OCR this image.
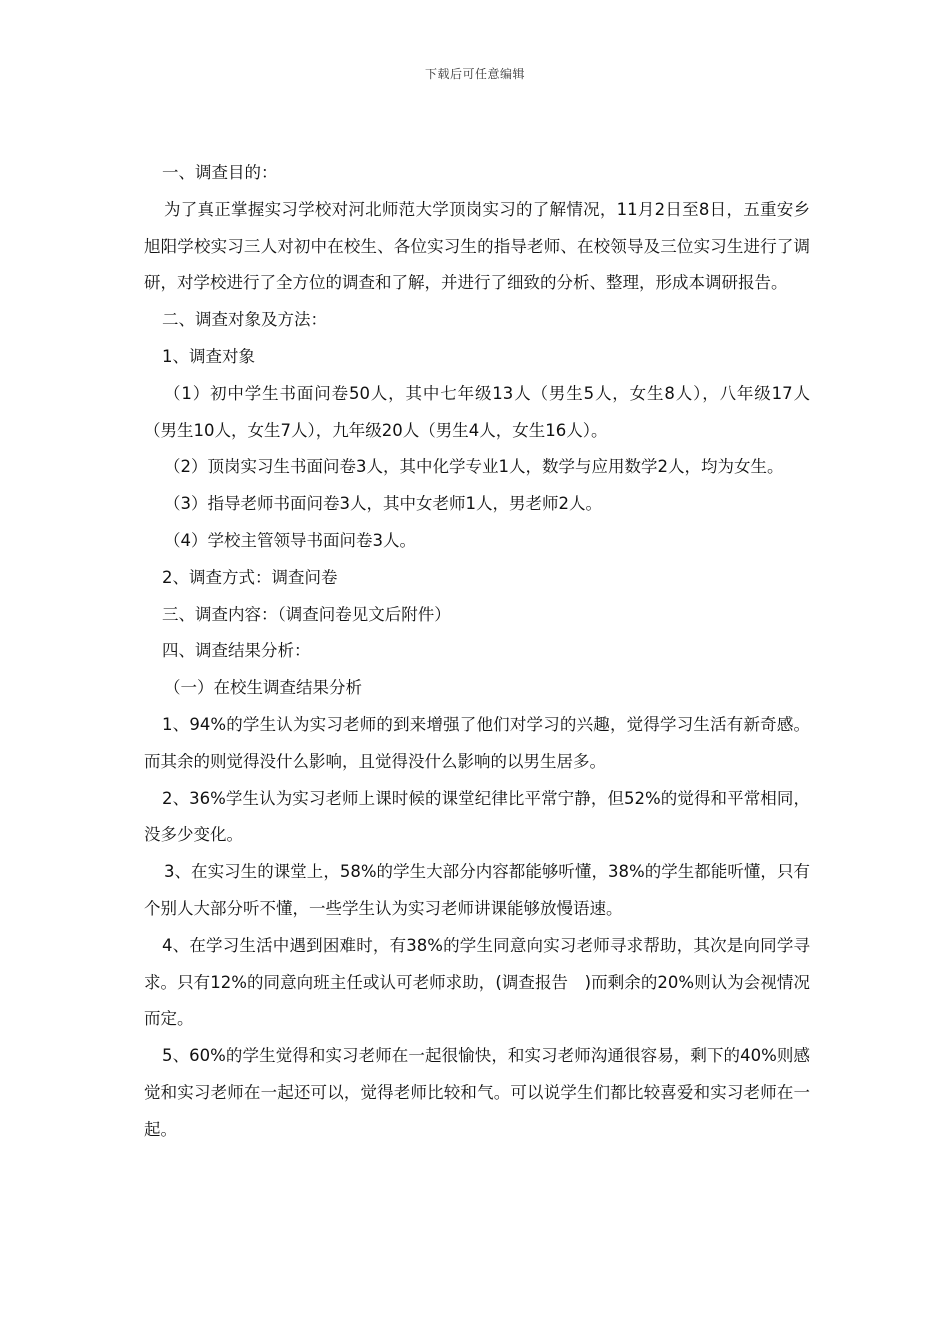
下载后可任意编辑

一、调查目的：

为了真正掌握实习学校对河北师范大学顶岗实习的了解情况，11月2日至8日，五重安乡旭阳学校实习三人对初中在校生、各位实习生的指导老师、在校领导及三位实习生进行了调研，对学校进行了全方位的调查和了解，并进行了细致的分析、整理，形成本调研报告。

二、调查对象及方法：

1、调查对象

（1）初中学生书面问卷50人，其中七年级13人（男生5人，女生8人），八年级17人（男生10人，女生7人），九年级20人（男生4人，女生16人）。

（2）顶岗实习生书面问卷3人，其中化学专业1人，数学与应用数学2人，均为女生。

（3）指导老师书面问卷3人，其中女老师1人，男老师2人。

（4）学校主管领导书面问卷3人。

2、调查方式：调查问卷

三、调查内容：（调查问卷见文后附件）

四、调查结果分析：

（一）在校生调查结果分析

1、94%的学生认为实习老师的到来增强了他们对学习的兴趣，觉得学习生活有新奇感。而其余的则觉得没什么影响，且觉得没什么影响的以男生居多。

2、36%学生认为实习老师上课时候的课堂纪律比平常宁静，但52%的觉得和平常相同，没多少变化。

3、在实习生的课堂上，58%的学生大部分内容都能够听懂，38%的学生都能听懂，只有个别人大部分听不懂，一些学生认为实习老师讲课能够放慢语速。

4、在学习生活中遇到困难时，有38%的学生同意向实习老师寻求帮助，其次是向同学寻求。只有12%的同意向班主任或认可老师求助，(调查报告　)而剩余的20%则认为会视情况而定。

5、60%的学生觉得和实习老师在一起很愉快，和实习老师沟通很容易，剩下的40%则感觉和实习老师在一起还可以，觉得老师比较和气。可以说学生们都比较喜爱和实习老师在一起。
